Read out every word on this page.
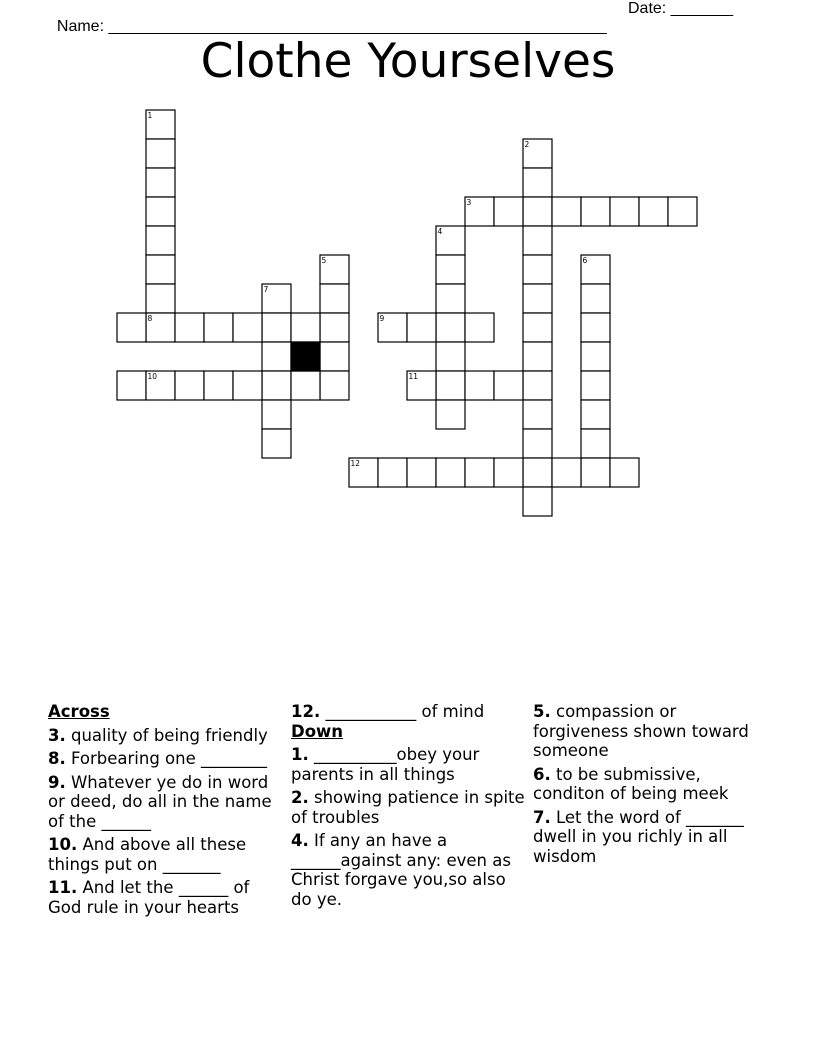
Name: ________________________________________________________

Date: _______

Clothe Yourselves
1
2
3
4
5	6
7
8	9
10	11
12
Across
3. quality of being friendly
8. Forbearing one ________
9. Whatever ye do in word or deed, do all in the name of the ______
10. And above all these things put on _______
11. And let the ______ of God rule in your hearts
12. ___________ of mind
Down
1. __________obey your parents in all things
2. showing patience in spite of troubles
4. If any an have a ______against any: even as Christ forgave you,so also do ye.
5. compassion or forgiveness shown toward someone
6. to be submissive, conditon of being meek
7. Let the word of _______ dwell in you richly in all wisdom
